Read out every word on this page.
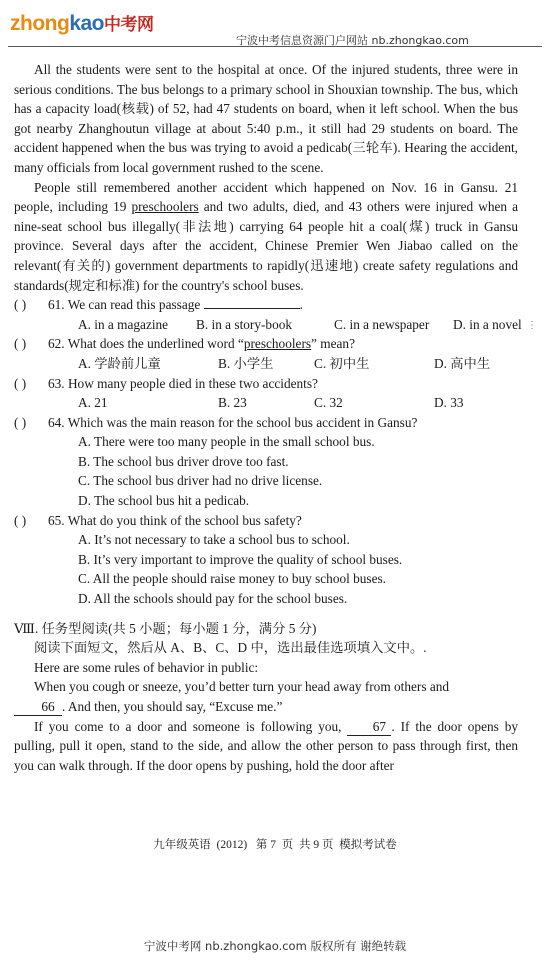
zhongkao中考网
宁波中考信息资源门户网站 nb.zhongkao.com
⋮

All the students were sent to the hospital at once. Of the injured students, three were in serious conditions. The bus belongs to a primary school in Shouxian township. The bus, which has a capacity load(核载) of 52, had 47 students on board, when it left school. When the bus got nearby Zhanghoutun village at about 5:40 p.m., it still had 29 students on board. The accident happened when the bus was trying to avoid a pedicab(三轮车). Hearing the accident, many officials from local government rushed to the scene.

People still remembered another accident which happened on Nov. 16 in Gansu. 21 people, including 19 preschoolers and two adults, died, and 43 others were injured when a nine-seat school bus illegally(非法地) carrying 64 people hit a coal(煤) truck in Gansu province. Several days after the accident, Chinese Premier Wen Jiabao called on the relevant(有关的) government departments to rapidly(迅速地) create safety regulations and standards(规定和标准) for the country's school buses.

( ) 61. We can read this passage	.

A. in a magazine B. in a story-book	C. in a newspaper D. in a novel

( ) 62. What does the underlined word “preschoolers” mean?

A. 学龄前儿童	B. 小学生	C. 初中生	D. 高中生

( ) 63. How many people died in these two accidents?

A. 21	B. 23	C. 32	D. 33

( ) 64. Which was the main reason for the school bus accident in Gansu?

A. There were too many people in the small school bus.

B. The school bus driver drove too fast.

C. The school bus driver had no drive license.

D. The school bus hit a pedicab.

( ) 65. What do you think of the school bus safety?

A. It’s not necessary to take a school bus to school.

B. It’s very important to improve the quality of school buses.

C. All the people should raise money to buy school buses.

D. All the schools should pay for the school buses.

Ⅷ. 任务型阅读(共 5 小题；每小题 1 分，满分 5 分)

阅读下面短文，然后从 A、B、C、D 中，选出最佳选项填入文中。.

Here are some rules of behavior in public:

When you cough or sneeze, you’d better turn your head away from others and
66 . And then, you should say, “Excuse me.”

If you come to a door and someone is following you, 67 . If the door opens by pulling, pull it open, stand to the side, and allow the other person to pass through first, then you can walk through. If the door opens by pushing, hold the door after

九年级英语  (2012)   第 7  页  共 9 页  模拟考试卷
宁波中考网 nb.zhongkao.com 版权所有 谢绝转载
